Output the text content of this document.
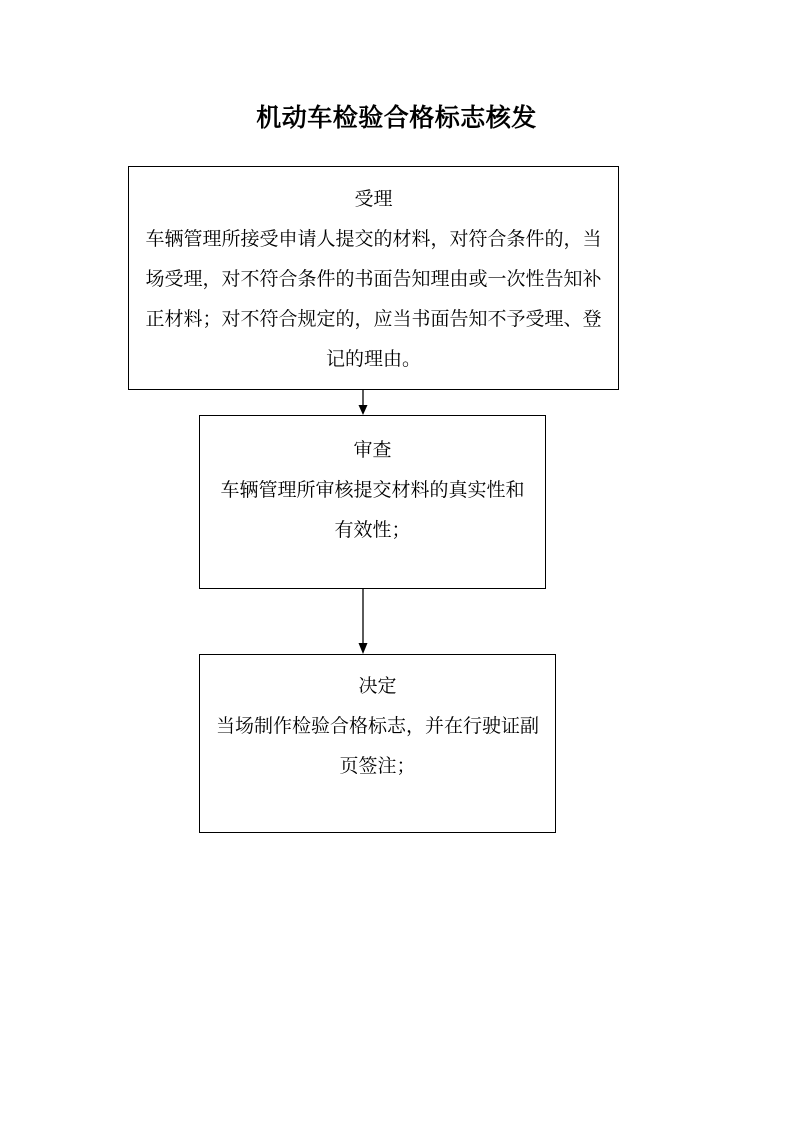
机动车检验合格标志核发
受理
车辆管理所接受申请人提交的材料，对符合条件的，当场受理，对不符合条件的书面告知理由或一次性告知补正材料；对不符合规定的，应当书面告知不予受理、登记的理由。
审查
车辆管理所审核提交材料的真实性和有效性；
决定
当场制作检验合格标志，并在行驶证副页签注；
